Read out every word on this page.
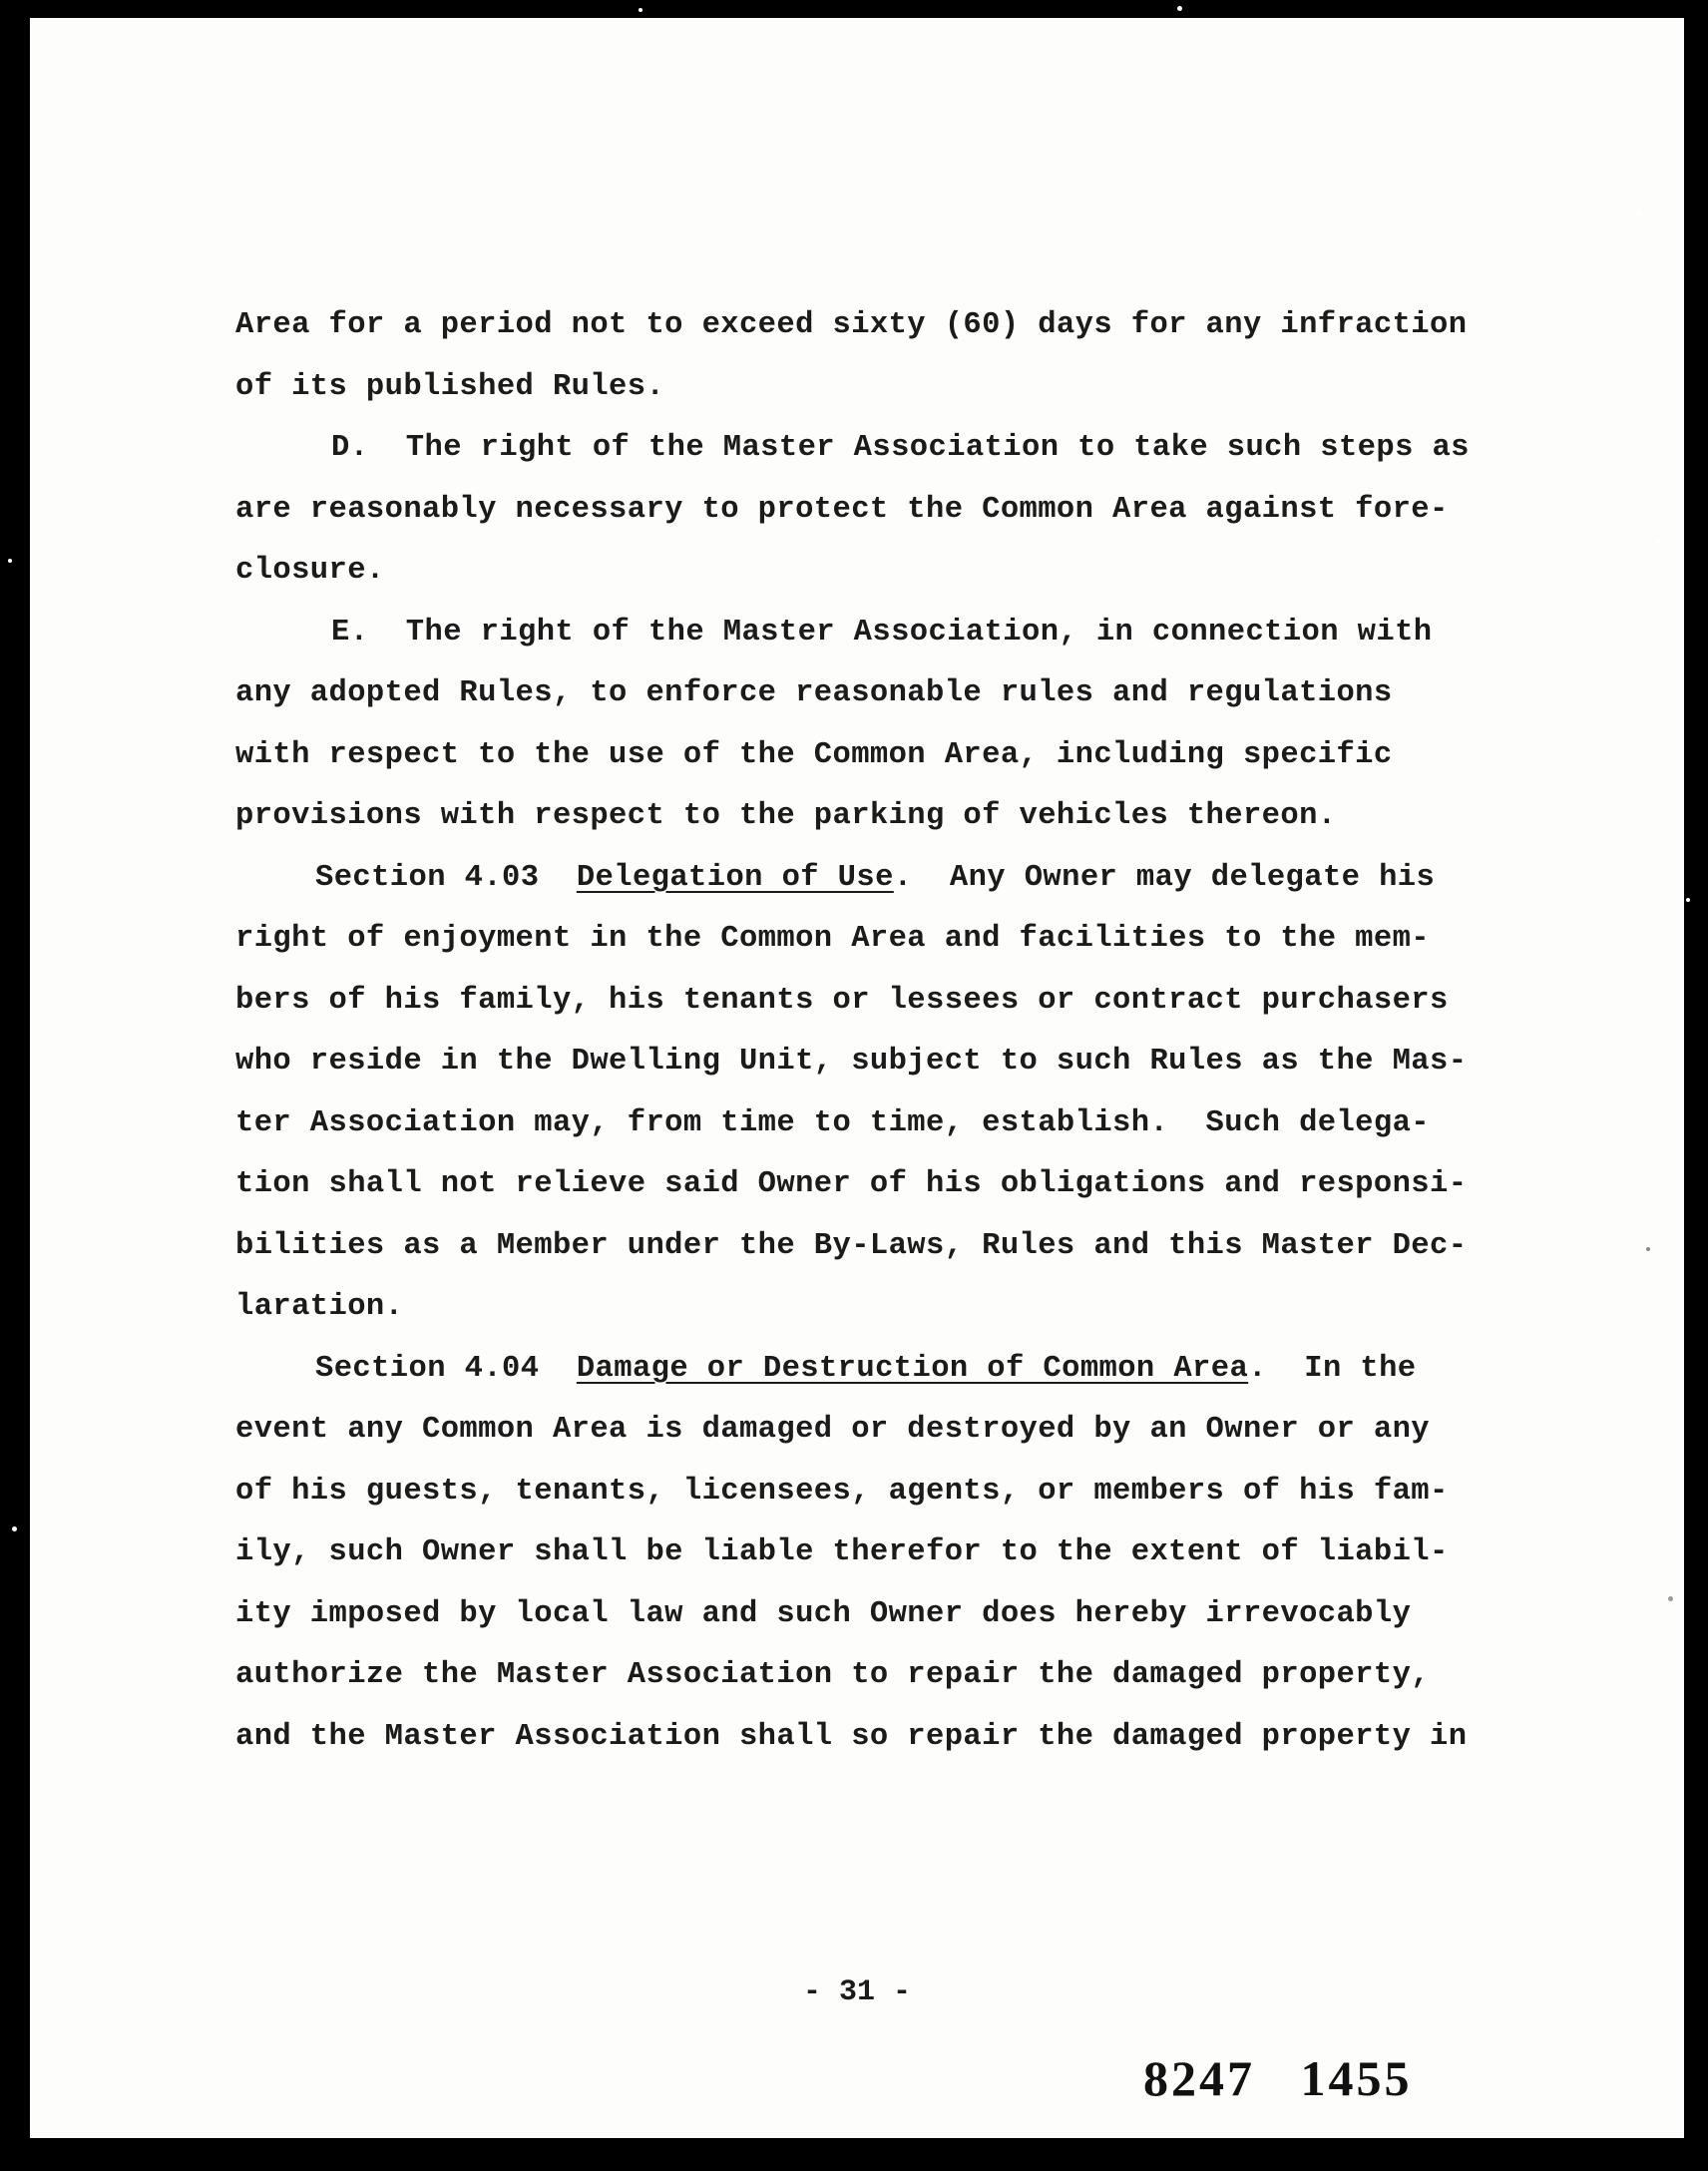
Area for a period not to exceed sixty (60) days for any infraction
of its published Rules.
D.  The right of the Master Association to take such steps as
are reasonably necessary to protect the Common Area against fore-
closure.
E.  The right of the Master Association, in connection with
any adopted Rules, to enforce reasonable rules and regulations
with respect to the use of the Common Area, including specific
provisions with respect to the parking of vehicles thereon.
Section 4.03  Delegation of Use.  Any Owner may delegate his
right of enjoyment in the Common Area and facilities to the mem-
bers of his family, his tenants or lessees or contract purchasers
who reside in the Dwelling Unit, subject to such Rules as the Mas-
ter Association may, from time to time, establish.  Such delega-
tion shall not relieve said Owner of his obligations and responsi-
bilities as a Member under the By-Laws, Rules and this Master Dec-
laration.
Section 4.04  Damage or Destruction of Common Area.  In the
event any Common Area is damaged or destroyed by an Owner or any
of his guests, tenants, licensees, agents, or members of his fam-
ily, such Owner shall be liable therefor to the extent of liabil-
ity imposed by local law and such Owner does hereby irrevocably
authorize the Master Association to repair the damaged property,
and the Master Association shall so repair the damaged property in
- 31 -
8247 1455
